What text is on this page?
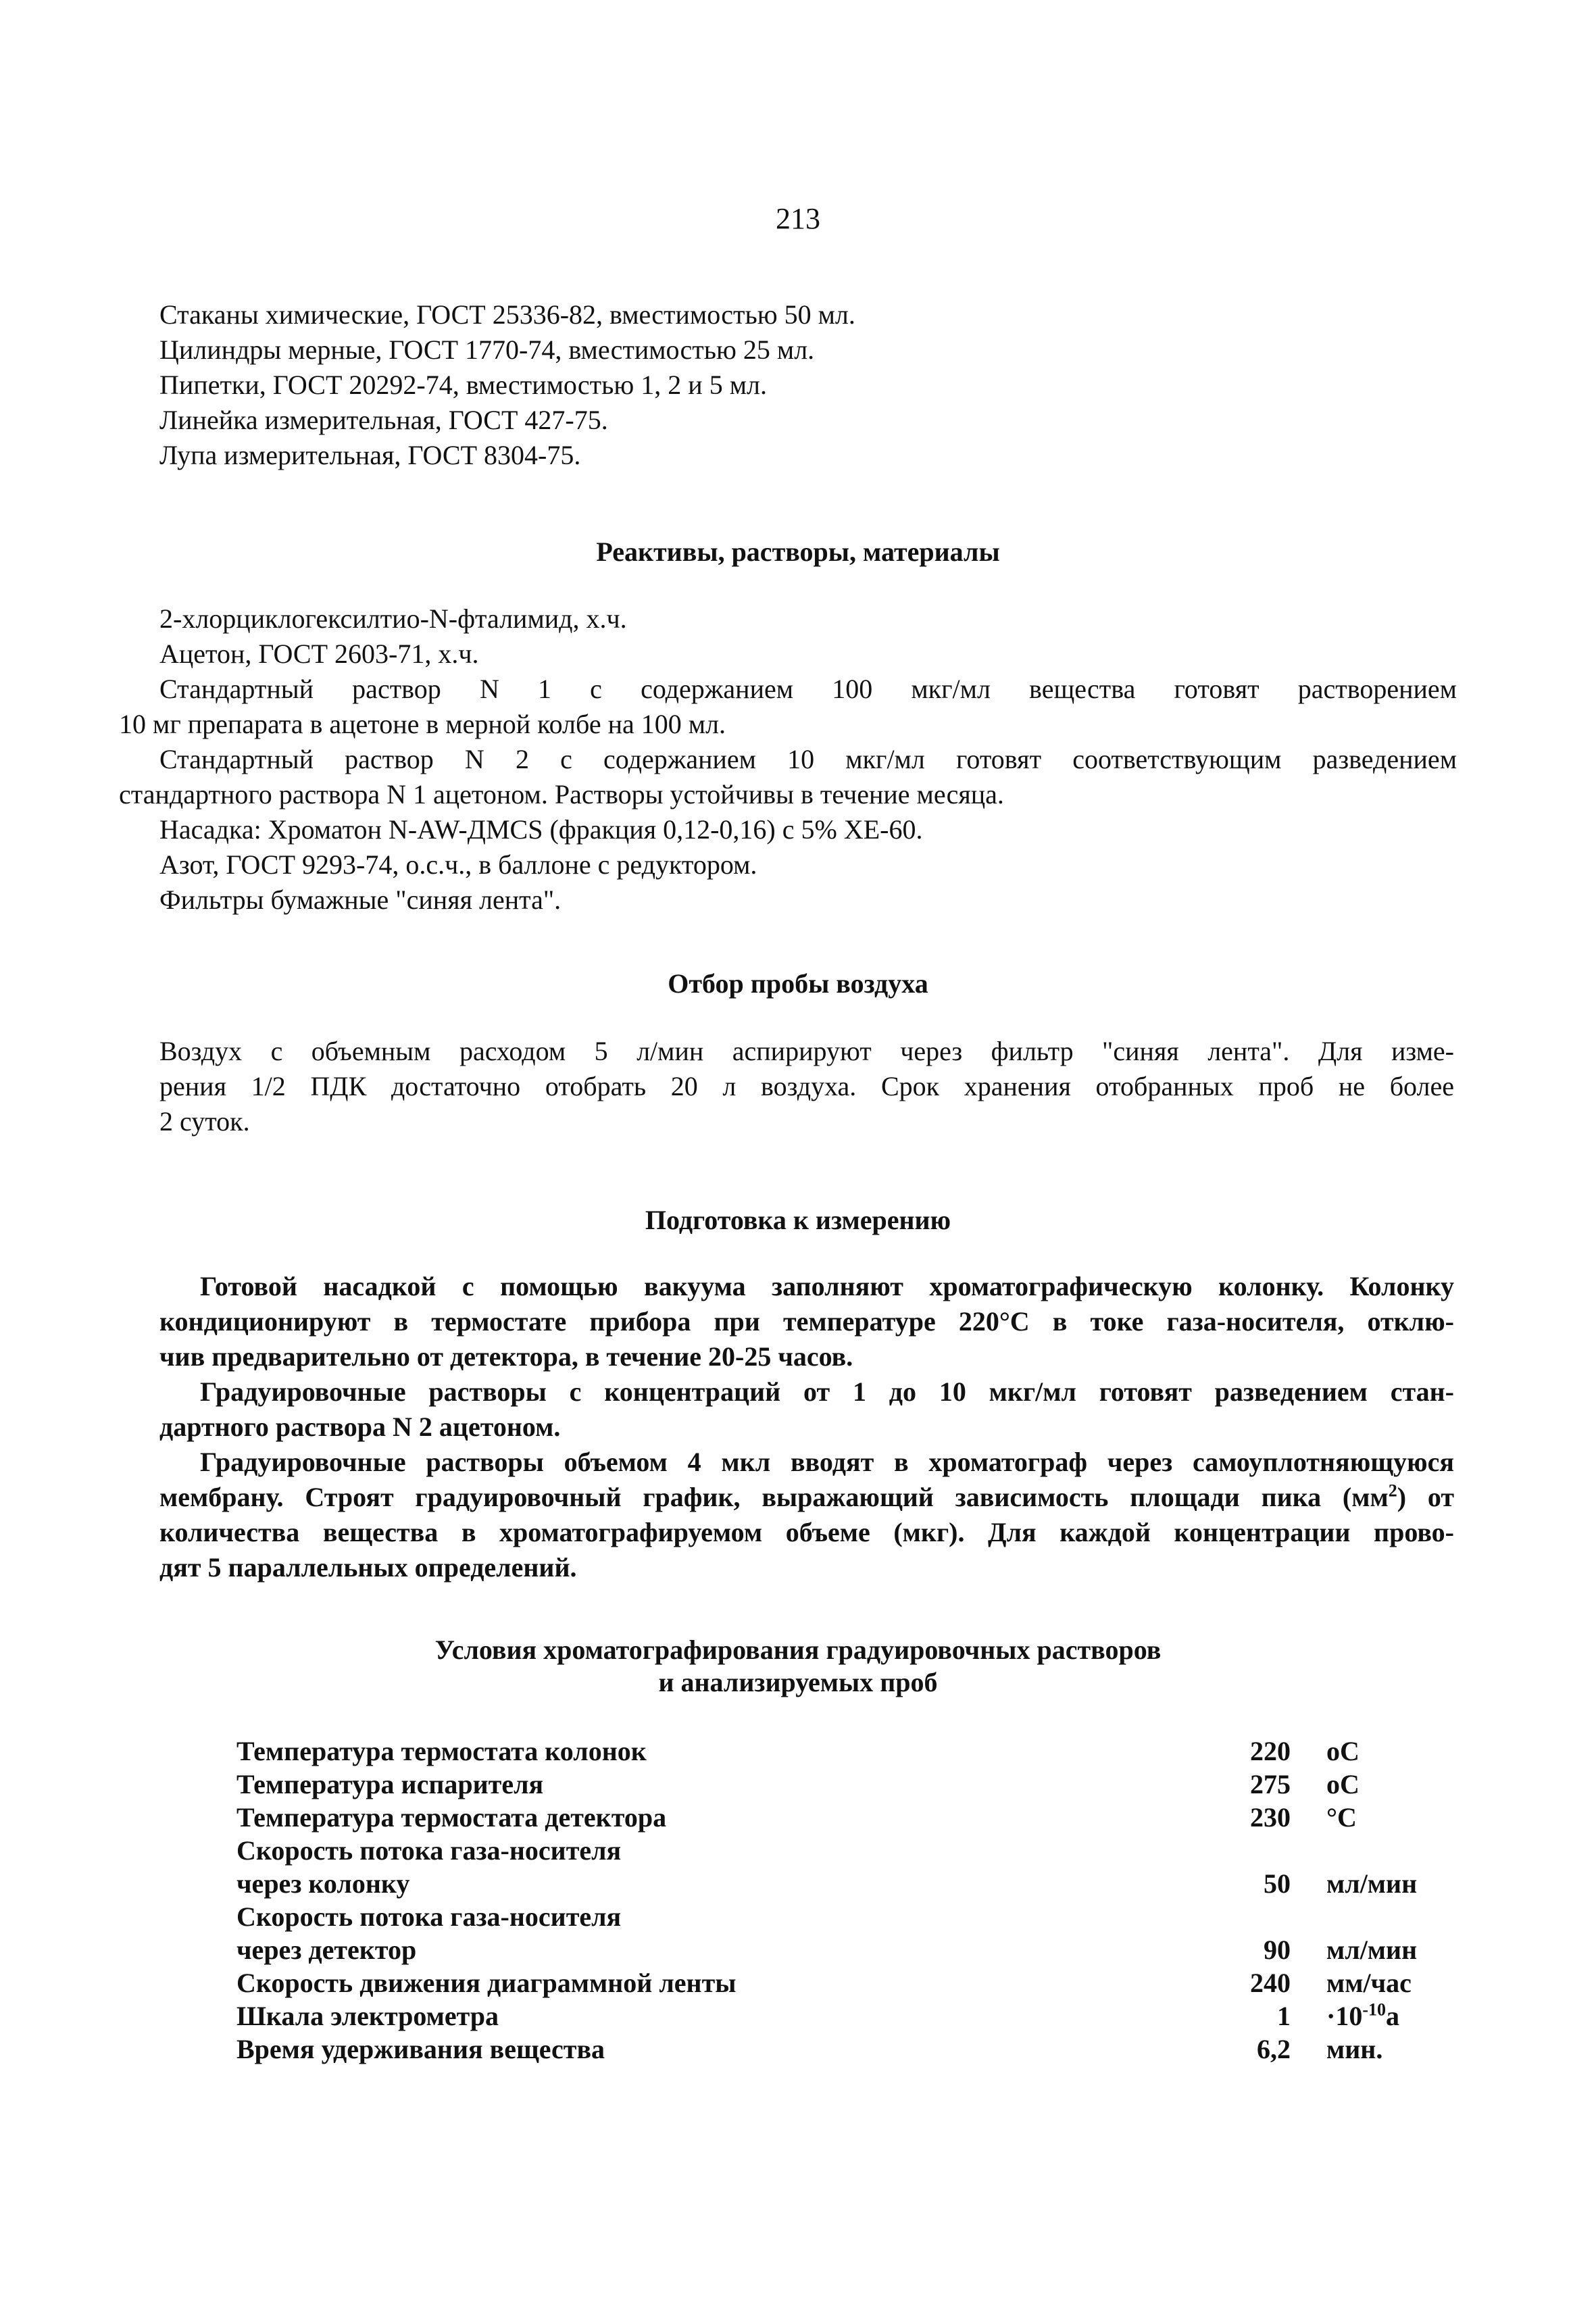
213
Стаканы химические, ГОСТ 25336-82, вместимостью 50 мл.
Цилиндры мерные, ГОСТ 1770-74, вместимостью 25 мл.
Пипетки, ГОСТ 20292-74, вместимостью 1, 2 и 5 мл.
Линейка измерительная, ГОСТ 427-75.
Лупа измерительная, ГОСТ 8304-75.
Реактивы, растворы, материалы
2-хлорциклогексилтио-N-фталимид, х.ч.
Ацетон, ГОСТ 2603-71, х.ч.
Стандартный раствор N 1 с содержанием 100 мкг/мл вещества готовят растворением
10 мг препарата в ацетоне в мерной колбе на 100 мл.
Стандартный раствор N 2 с содержанием 10 мкг/мл готовят соответствующим разведением
стандартного раствора N 1 ацетоном. Растворы устойчивы в течение месяца.
Насадка: Хроматон N-AW-ДМСS (фракция 0,12-0,16) с 5% ХЕ-60.
Азот, ГОСТ 9293-74, о.с.ч., в баллоне с редуктором.
Фильтры бумажные "синяя лента".
Отбор пробы воздуха
Воздух с объемным расходом 5 л/мин аспирируют через фильтр "синяя лента". Для изме-
рения 1/2 ПДК достаточно отобрать 20 л воздуха. Срок хранения отобранных проб не более
2 суток.
Подготовка к измерению
Готовой насадкой с помощью вакуума заполняют хроматографическую колонку. Колонку
кондиционируют в термостате прибора при температуре 220°С в токе газа-носителя, отклю-
чив предварительно от детектора, в течение 20-25 часов.
Градуировочные растворы с концентраций от 1 до 10 мкг/мл готовят разведением стан-
дартного раствора N 2 ацетоном.
Градуировочные растворы объемом 4 мкл вводят в хроматограф через самоуплотняющуюся
мембрану. Строят градуировочный график, выражающий зависимость площади пика $(мм^2)$ от
количества вещества в хроматографируемом объеме (мкг). Для каждой концентрации прово-
дят 5 параллельных определений.
Условия хроматографирования градуировочных растворов
и анализируемых проб
Температура термостата колонок	220 оС
Температура испарителя	275 оС
Температура термостата детектора	230 °С
Скорость потока газа-носителя
через колонку	50 мл/мин
Скорость потока газа-носителя
через детектор	90 мл/мин
Скорость движения диаграммной ленты	240 мм/час
Шкала электрометра	$1 \cdot 10^{-10}а$
Время удерживания вещества	6,2 мин.
